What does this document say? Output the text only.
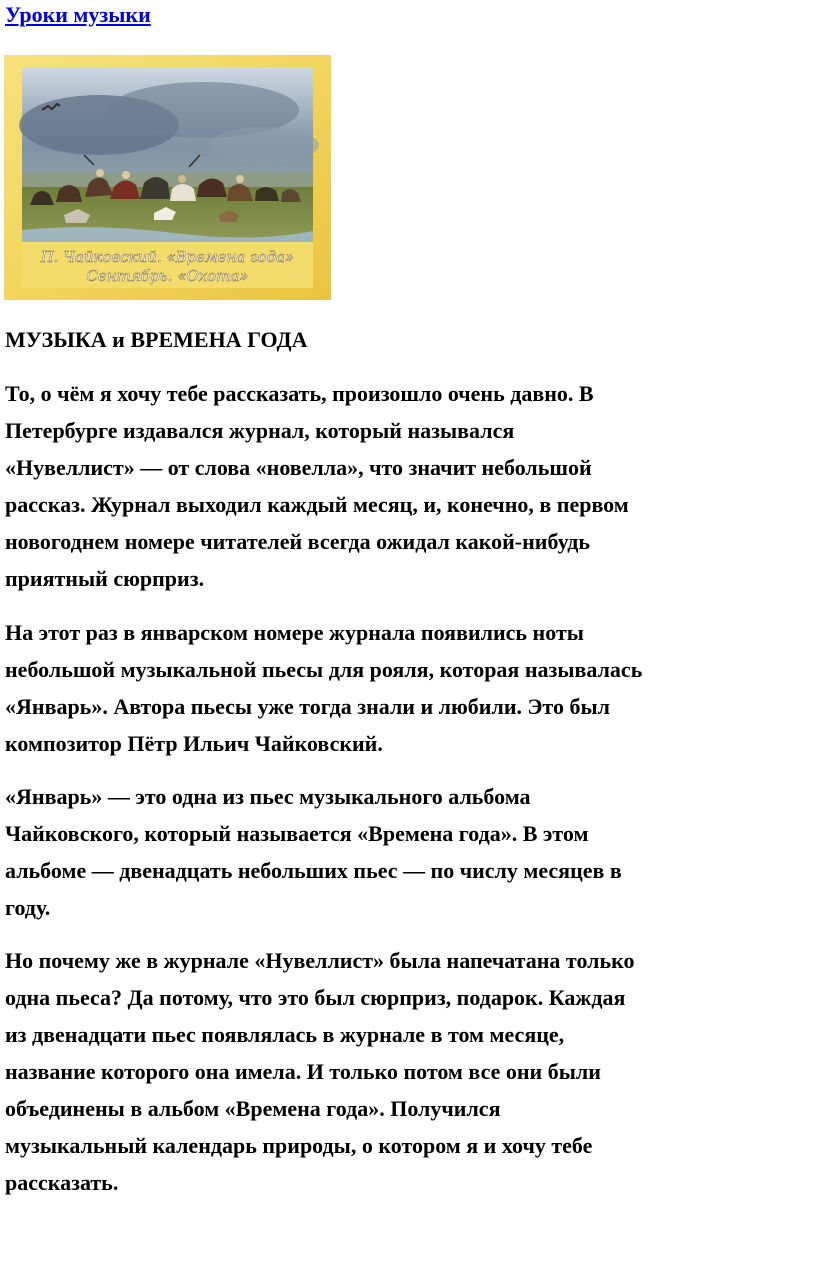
Уроки музыки
П. Чайковский. «Времена года»
Сентябрь. «Охота»
МУЗЫКА и ВРЕМЕНА ГОДА

То, о чём я хочу тебе рассказать, произошло очень давно. В
Петербурге издавался журнал, который назывался
«Нувеллист» — от слова «новелла», что значит небольшой
рассказ. Журнал выходил каждый месяц, и, конечно, в первом
новогоднем номере читателей всегда ожидал какой-нибудь
приятный сюрприз.

На этот раз в январском номере журнала появились ноты
небольшой музыкальной пьесы для рояля, которая называлась
«Январь». Автора пьесы уже тогда знали и любили. Это был
композитор Пётр Ильич Чайковский.

«Январь» — это одна из пьес музыкального альбома
Чайковского, который называется «Времена года». В этом
альбоме — двенадцать небольших пьес — по числу месяцев в
году.

Но почему же в журнале «Нувеллист» была напечатана только
одна пьеса? Да потому, что это был сюрприз, подарок. Каждая
из двенадцати пьес появлялась в журнале в том месяце,
название которого она имела. И только потом все они были
объединены в альбом «Времена года». Получился
музыкальный календарь природы, о котором я и хочу тебе
рассказать.
